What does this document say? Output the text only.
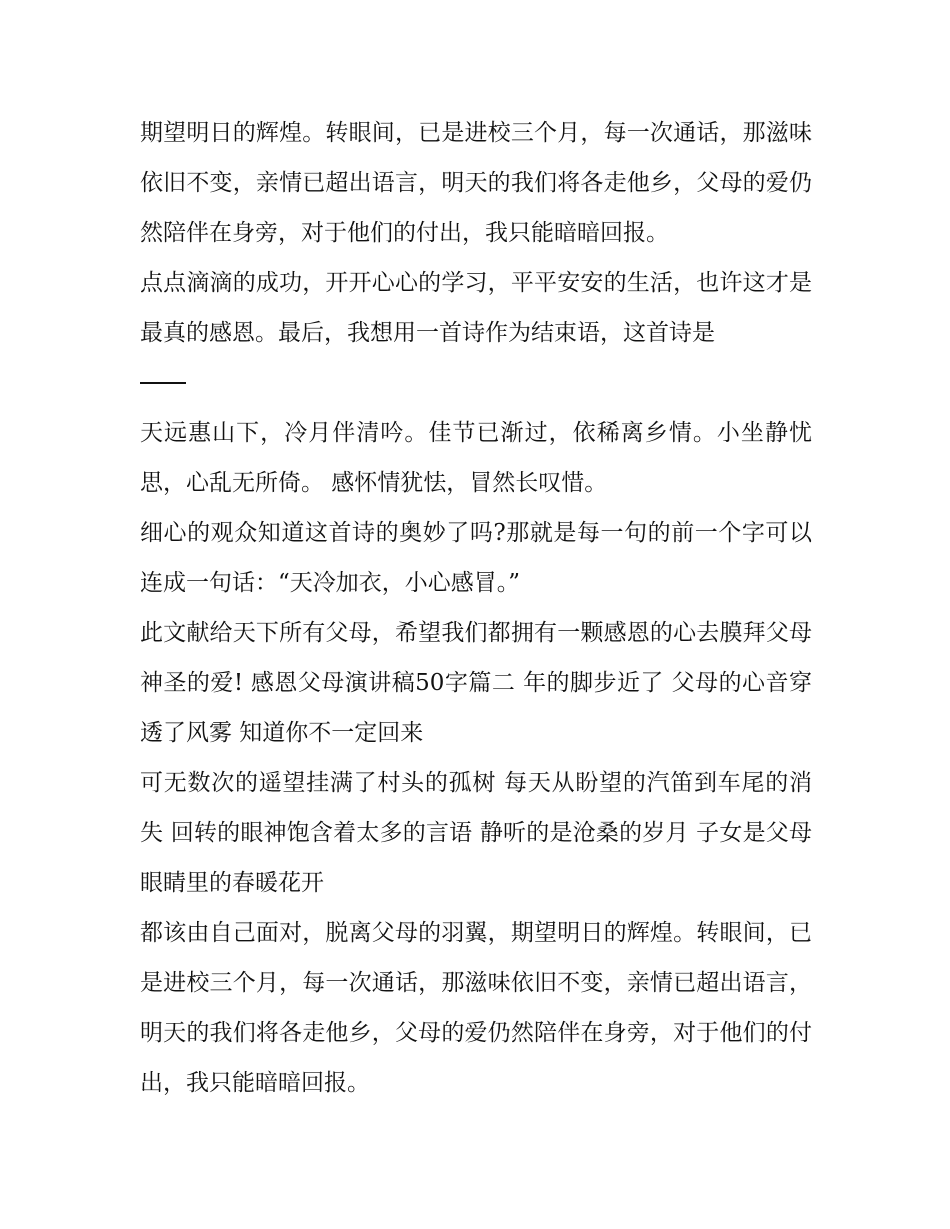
期望明日的辉煌。转眼间，已是进校三个月，每一次通话，那滋味依旧不变，亲情已超出语言，明天的我们将各走他乡，父母的爱仍然陪伴在身旁，对于他们的付出，我只能暗暗回报。

点点滴滴的成功，开开心心的学习，平平安安的生活，也许这才是最真的感恩。最后，我想用一首诗作为结束语，这首诗是

天远惠山下，冷月伴清吟。佳节已渐过，依稀离乡情。小坐静忧思，心乱无所倚。 感怀情犹怯，冒然长叹惜。

细心的观众知道这首诗的奥妙了吗?那就是每一句的前一个字可以连成一句话：“天冷加衣，小心感冒。”

此文献给天下所有父母，希望我们都拥有一颗感恩的心去膜拜父母神圣的爱! 感恩父母演讲稿50字篇二 年的脚步近了 父母的心音穿透了风雾 知道你不一定回来

可无数次的遥望挂满了村头的孤树 每天从盼望的汽笛到车尾的消失 回转的眼神饱含着太多的言语 静听的是沧桑的岁月 子女是父母眼睛里的春暖花开

都该由自己面对，脱离父母的羽翼，期望明日的辉煌。转眼间，已是进校三个月，每一次通话，那滋味依旧不变，亲情已超出语言，明天的我们将各走他乡，父母的爱仍然陪伴在身旁，对于他们的付出，我只能暗暗回报。
